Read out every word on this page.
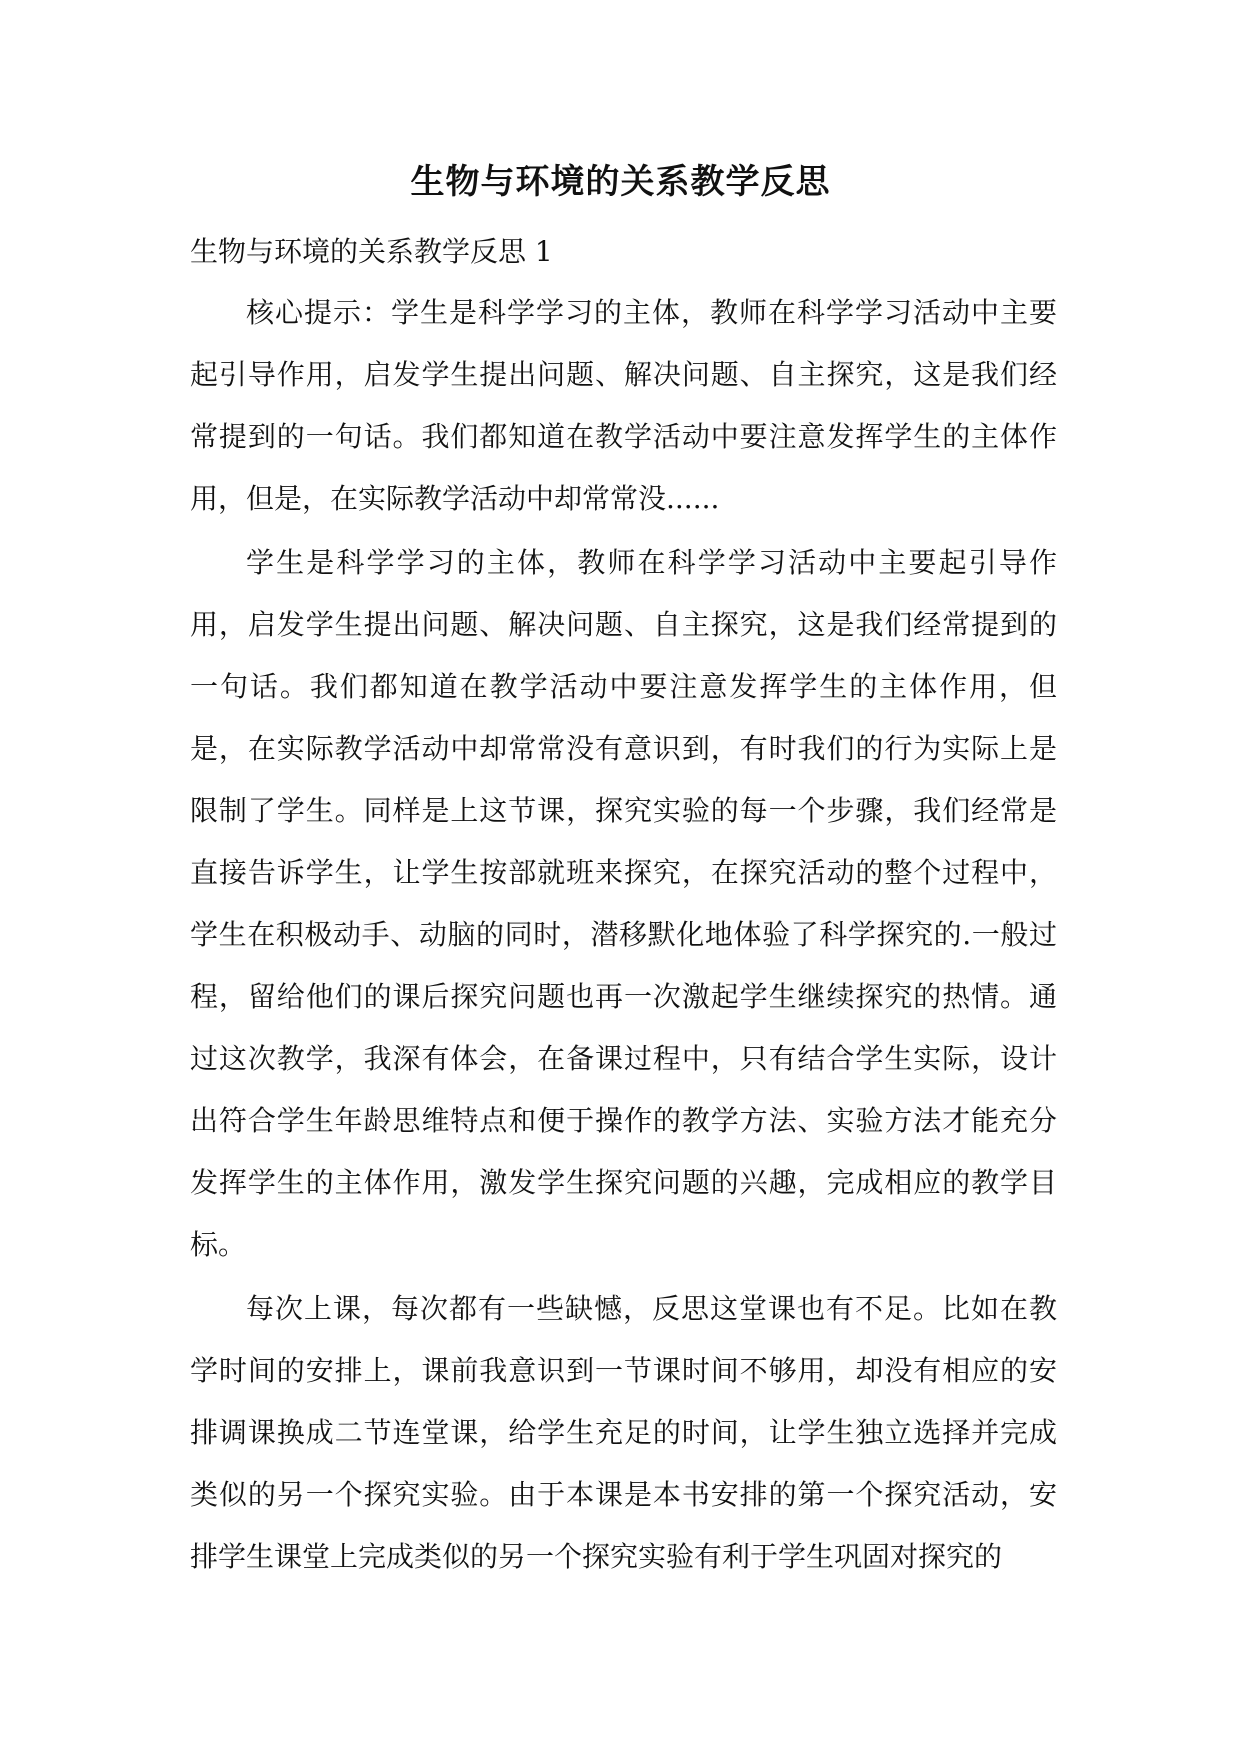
生物与环境的关系教学反思

生物与环境的关系教学反思 1

核心提示：学生是科学学习的主体，教师在科学学习活动中主要起引导作用，启发学生提出问题、解决问题、自主探究，这是我们经常提到的一句话。我们都知道在教学活动中要注意发挥学生的主体作用，但是，在实际教学活动中却常常没......

学生是科学学习的主体，教师在科学学习活动中主要起引导作用，启发学生提出问题、解决问题、自主探究，这是我们经常提到的一句话。我们都知道在教学活动中要注意发挥学生的主体作用，但是，在实际教学活动中却常常没有意识到，有时我们的行为实际上是限制了学生。同样是上这节课，探究实验的每一个步骤，我们经常是直接告诉学生，让学生按部就班来探究，在探究活动的整个过程中，学生在积极动手、动脑的同时，潜移默化地体验了科学探究的.一般过程，留给他们的课后探究问题也再一次激起学生继续探究的热情。通过这次教学，我深有体会，在备课过程中，只有结合学生实际，设计出符合学生年龄思维特点和便于操作的教学方法、实验方法才能充分发挥学生的主体作用，激发学生探究问题的兴趣，完成相应的教学目标。

每次上课，每次都有一些缺憾，反思这堂课也有不足。比如在教学时间的安排上，课前我意识到一节课时间不够用，却没有相应的安排调课换成二节连堂课，给学生充足的时间，让学生独立选择并完成类似的另一个探究实验。由于本课是本书安排的第一个探究活动，安排学生课堂上完成类似的另一个探究实验有利于学生巩固对探究的
